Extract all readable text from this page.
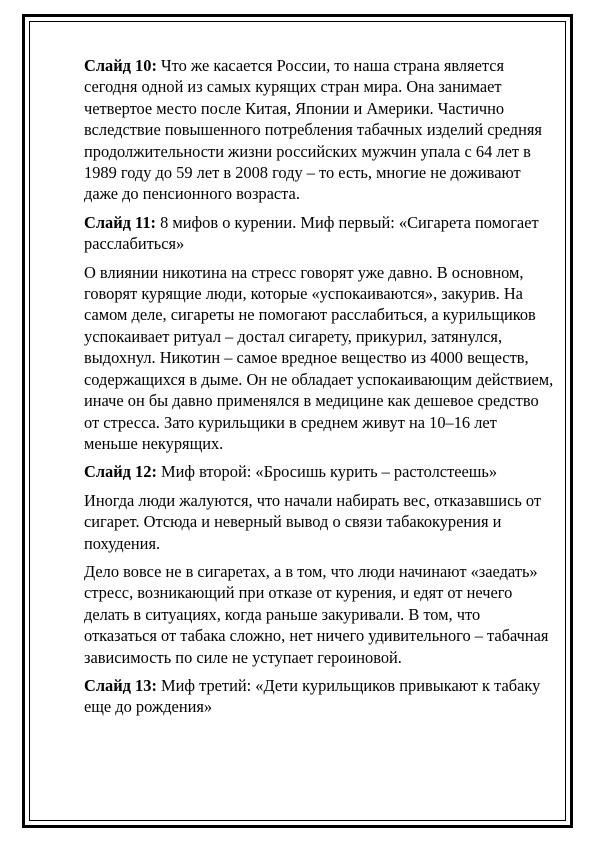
Слайд 10: Что же касается России, то наша страна является сегодня одной из самых курящих стран мира. Она занимает четвертое место после Китая, Японии и Америки. Частично вследствие повышенного потребления табачных изделий средняя продолжительности жизни российских мужчин упала с 64 лет в 1989 году до 59 лет в 2008 году – то есть, многие не доживают даже до пенсионного возраста.

Слайд 11: 8 мифов о курении. Миф первый: «Сигарета помогает расслабиться»

О влиянии никотина на стресс говорят уже давно. В основном, говорят курящие люди, которые «успокаиваются», закурив. На самом деле, сигареты не помогают расслабиться, а курильщиков успокаивает ритуал – достал сигарету, прикурил, затянулся, выдохнул. Никотин – самое вредное вещество из 4000 веществ, содержащихся в дыме. Он не обладает успокаивающим действием, иначе он бы давно применялся в медицине как дешевое средство от стресса. Зато курильщики в среднем живут на 10–16 лет меньше некурящих.

Слайд 12: Миф второй: «Бросишь курить – растолстеешь»

Иногда люди жалуются, что начали набирать вес, отказавшись от сигарет. Отсюда и неверный вывод о связи табакокурения и похудения.

Дело вовсе не в сигаретах, а в том, что люди начинают «заедать» стресс, возникающий при отказе от курения, и едят от нечего делать в ситуациях, когда раньше закуривали. В том, что отказаться от табака сложно, нет ничего удивительного – табачная зависимость по силе не уступает героиновой.

Слайд 13: Миф третий: «Дети курильщиков привыкают к табаку еще до рождения»
